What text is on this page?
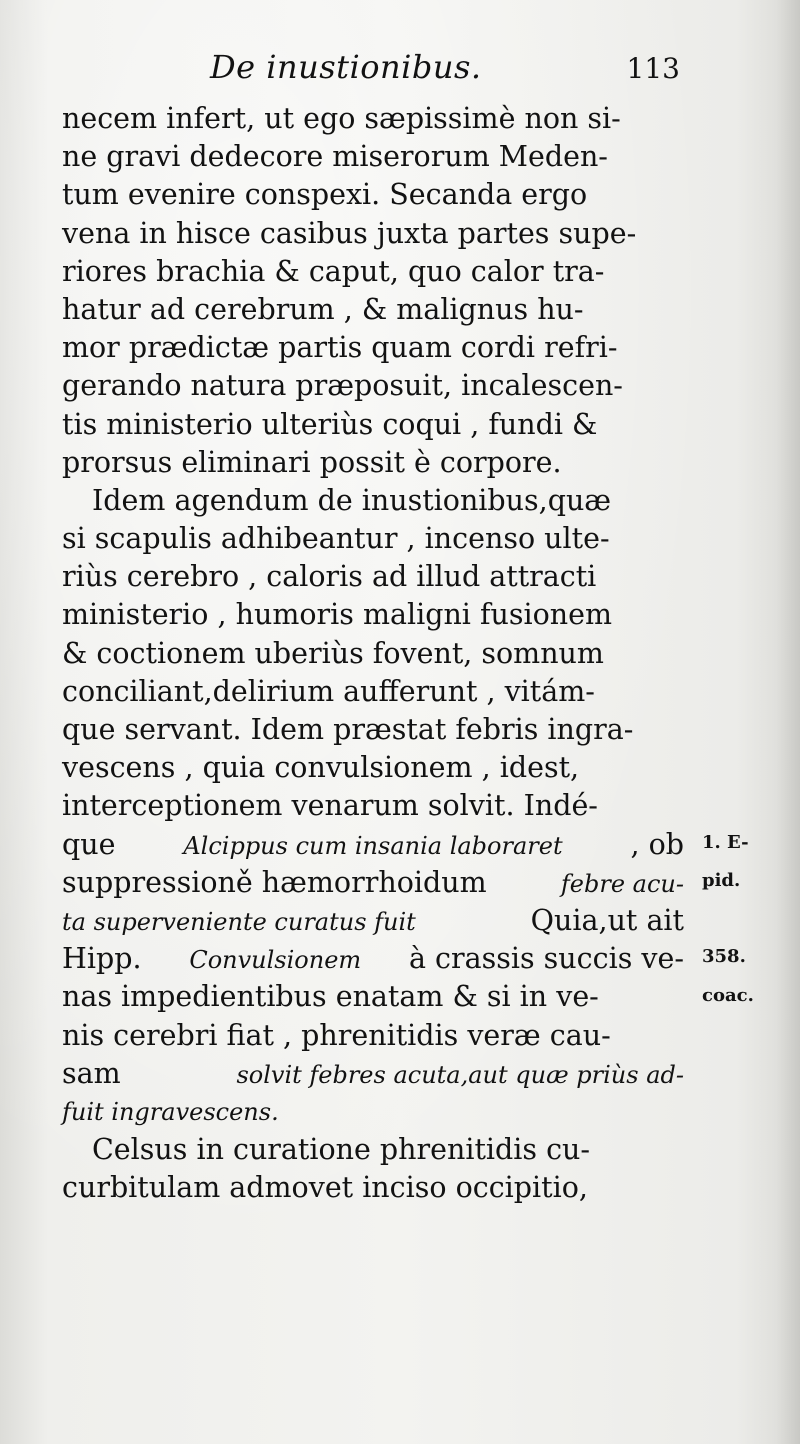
De inustionibus.	113
necem infert, ut ego sæpissimè non si-
ne gravi dedecore miserorum Meden-
tum evenire conspexi. Secanda ergo
vena in hisce casibus juxta partes supe-
riores brachia & caput, quo calor tra-
hatur ad cerebrum , & malignus hu-
mor prædictæ partis quam cordi refri-
gerando natura præposuit, incalescen-
tis ministerio ulteriùs coqui , fundi &
prorsus eliminari possit è corpore.
Idem agendum de inustionibus,quæ
si scapulis adhibeantur , incenso ulte-
riùs cerebro , caloris ad illud attracti
ministerio , humoris maligni fusionem
& coctionem uberiùs fovent, somnum
conciliant,delirium aufferunt , vitám-
que servant. Idem præstat febris ingra-
vescens , quia convulsionem , idest,
interceptionem venarum solvit. Indé-
que Alcippus cum insania laboraret , ob
suppressioně hæmorrhoidum	febre acu-
ta superveniente curatus fuit	Quia,ut ait
Hipp. Convulsionem à crassis succis ve-
nas impedientibus enatam & si in ve-
nis cerebri fiat , phrenitidis veræ cau-
sam	solvit febres acuta,aut quæ priùs ad-
fuit ingravescens.
Celsus in curatione phrenitidis cu-
curbitulam admovet inciso occipitio,
1. E-
pid.
358.
coac.
